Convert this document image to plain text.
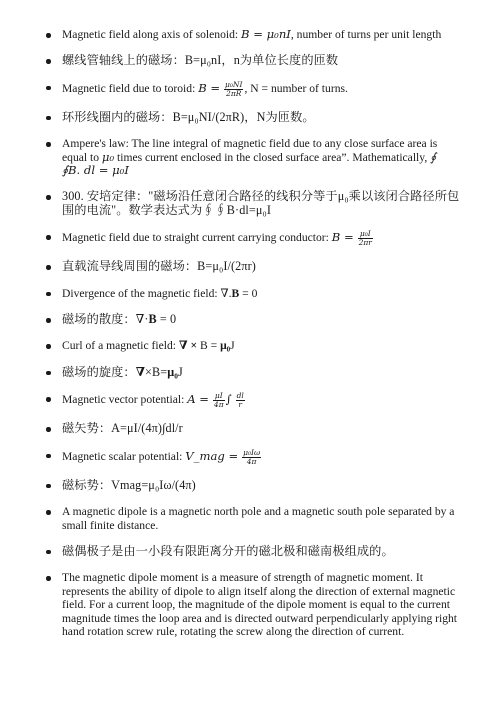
Magnetic field along axis of solenoid: B = μ₀nI, number of turns per unit length
螺线管轴线上的磁场：B=μ₀nI，n为单位长度的匝数
Magnetic field due to toroid: $B = \frac{\text{μ₀NI}}{2\pi R}$ , N = number of turns.
环形线圈内的磁场：B=μ₀NI/(2πR)，N为匝数。
Ampere's law: The line integral of magnetic field due to any close surface area is equal to μ₀ times current enclosed in the closed surface area”. Mathematically, ∮
∮B. dl = μ₀I
300. 安培定律："磁场沿任意闭合路径的线积分等于μ₀乘以该闭合路径所包围的电流"。数学表达式为∮∮B·dl=μ₀I
Magnetic field due to straight current carrying conductor: $B = \frac{\text{μ₀I}}{2\pi r}$
直载流导线周围的磁场：B=μ₀I/(2πr)
Divergence of the magnetic field: ∇.B = 0
磁场的散度：∇·B = 0
Curl of a magnetic field: ∇ × B = μ₀J
磁场的旋度：∇×B=μ₀J
Magnetic vector potential: $A = \frac{\mu I}{4\pi}$ ∫ $\frac{dl}{r}$
磁矢势：A=μI/(4π)∫dl/r
Magnetic scalar potential: V_mag = $\frac{\text{μ₀Iω}}{4\pi}$
磁标势：Vmag=μ₀Iω/(4π)
A magnetic dipole is a magnetic north pole and a magnetic south pole separated by a small finite distance.
磁偶极子是由一小段有限距离分开的磁北极和磁南极组成的。
The magnetic dipole moment is a measure of strength of magnetic moment. It represents the ability of dipole to align itself along the direction of external magnetic field. For a current loop, the magnitude of the dipole moment is equal to the current magnitude times the loop area and is directed outward perpendicularly applying right hand rotation screw rule, rotating the screw along the direction of current.
